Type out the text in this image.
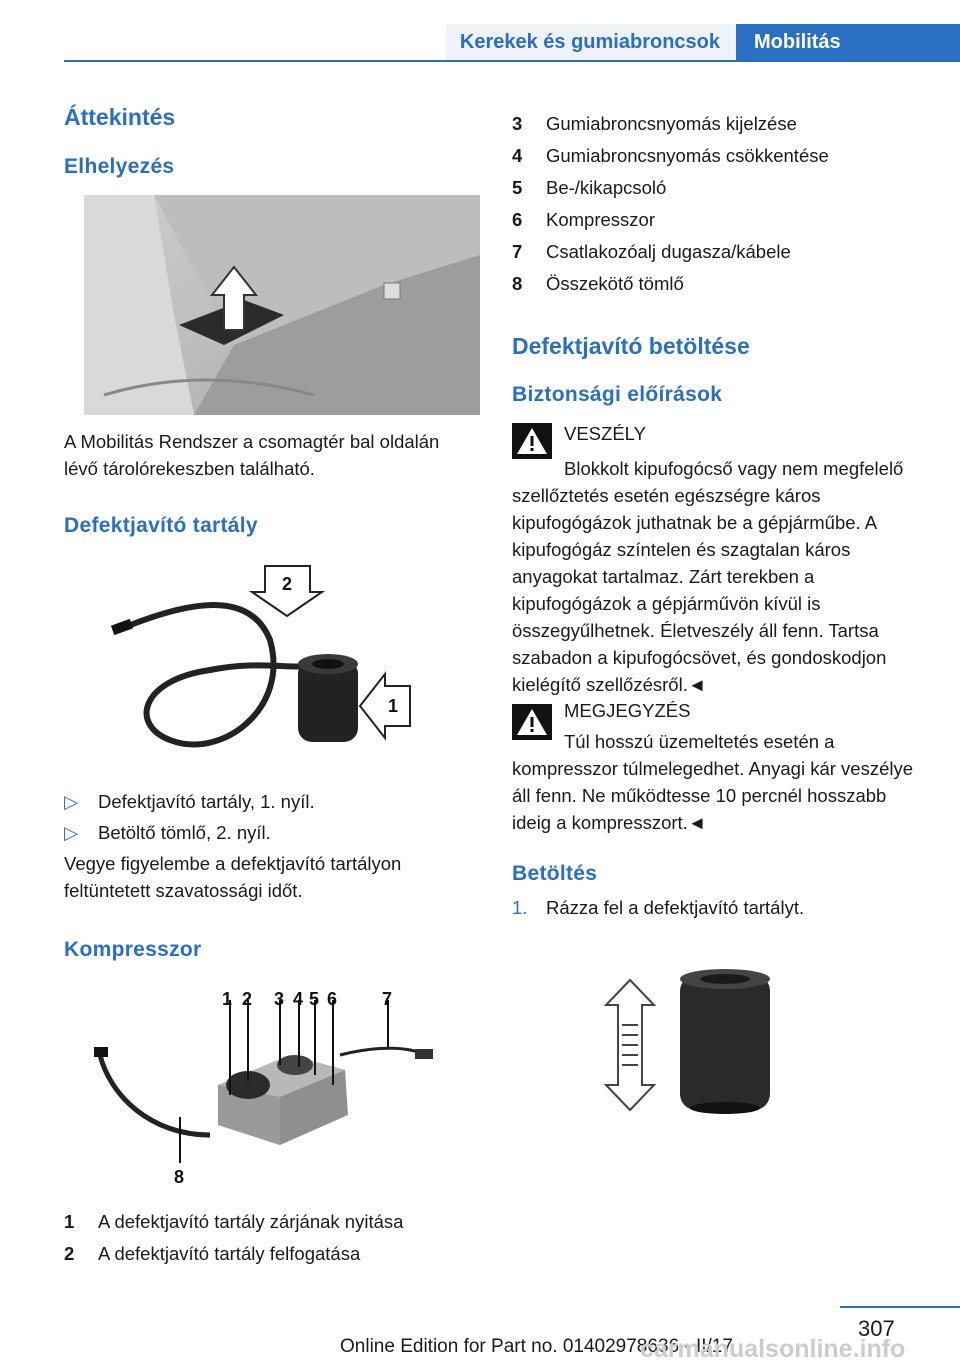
Kerekek és gumiabroncsok	Mobilitás
Áttekintés
Elhelyezés
A Mobilitás Rendszer a csomagtér bal oldalán lévő tárolórekeszben található.
Defektjavító tartály
2
1
▷ Defektjavító tartály, 1. nyíl.
▷ Betöltő tömlő, 2. nyíl.
Vegye figyelembe a defektjavító tartályon feltüntetett szavatossági időt.
Kompresszor
1 2 3 4 5 6 7
8
1 A defektjavító tartály zárjának nyitása
2 A defektjavító tartály felfogatása
3 Gumiabroncsnyomás kijelzése
4 Gumiabroncsnyomás csökkentése
5 Be-/kikapcsoló
6 Kompresszor
7 Csatlakozóalj dugasza/kábele
8 Összekötő tömlő
Defektjavító betöltése
Biztonsági előírások
VESZÉLY
Blokkolt kipufogócső vagy nem megfelelő szellőztetés esetén egészségre káros kipufogógázok juthatnak be a gépjárműbe. A kipufogógáz színtelen és szagtalan káros anyagokat tartalmaz. Zárt terekben a kipufogógázok a gépjárművön kívül is összegyűlhetnek. Életveszély áll fenn. Tartsa szabadon a kipufogócsövet, és gondoskodjon kielégítő szellőzésről.◄
MEGJEGYZÉS
Túl hosszú üzemeltetés esetén a kompresszor túlmelegedhet. Anyagi kár veszélye áll fenn. Ne működtesse 10 percnél hosszabb ideig a kompresszort.◄
Betöltés
1. Rázza fel a defektjavító tartályt.
307
Online Edition for Part no. 01402978636 - II/17
carmanualsonline.info
